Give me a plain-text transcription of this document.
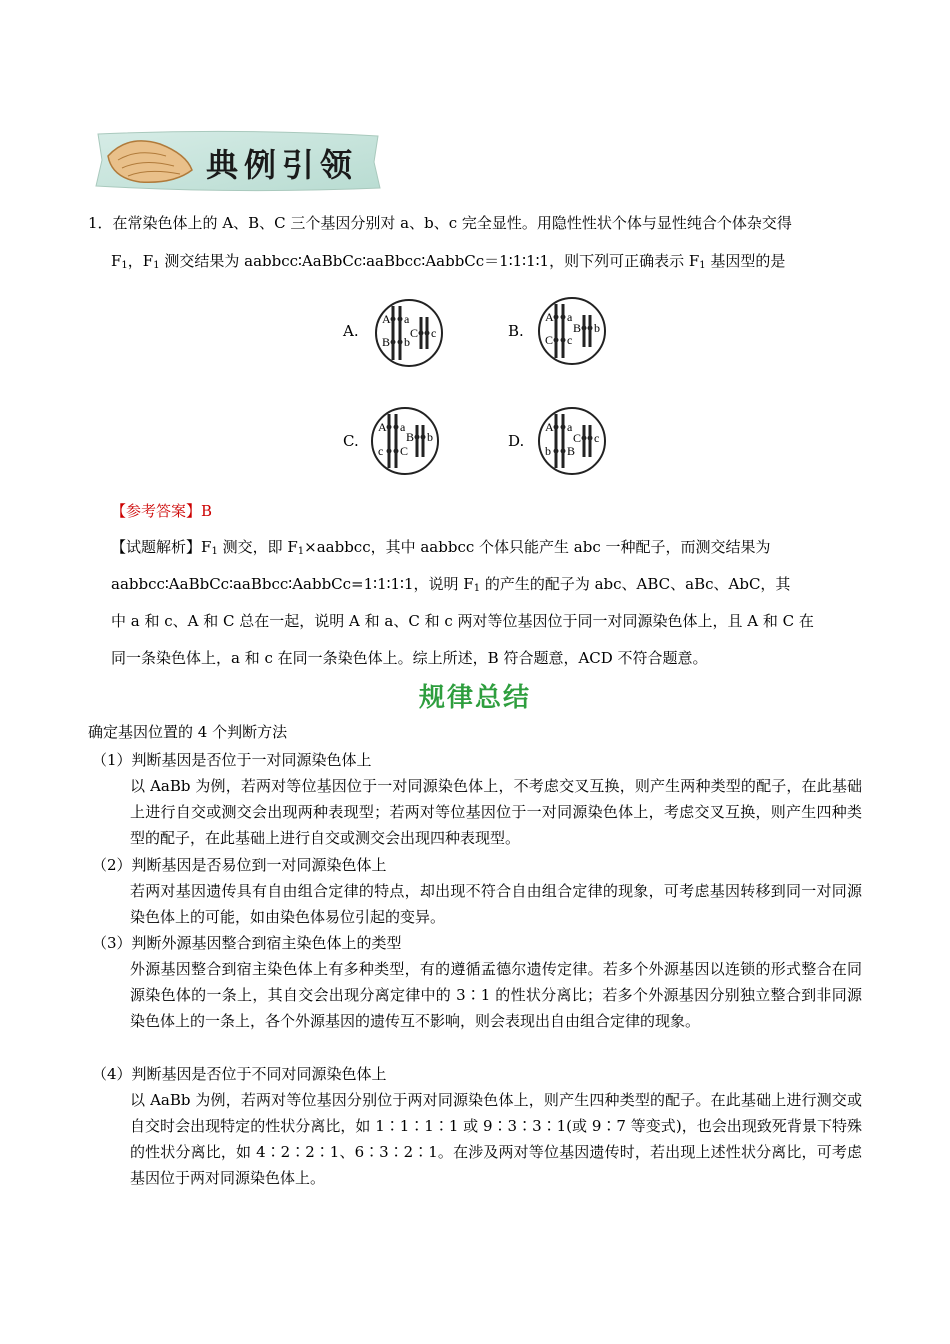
典例引领
1．在常染色体上的 A、B、C 三个基因分别对 a、b、c 完全显性。用隐性性状个体与显性纯合个体杂交得
$F_1$，$F_1$ 测交结果为 aabbcc∶AaBbCc∶aaBbcc∶AabbCc＝1∶1∶1∶1，则下列可正确表示 $F_1$ 基因型的是
A.
A a
B b
C c	B.
A a
C c
B b
C.
A a
c C
B b	D.
A a
b B
C c
【参考答案】B
【试题解析】$F_1$ 测交，即 $F_1\times aabbcc$，其中 aabbcc 个体只能产生 abc 一种配子，而测交结果为
aabbcc∶AaBbCc∶aaBbcc∶AabbCc=1∶1∶1∶1，说明 $F_1$ 的产生的配子为 abc、ABC、aBc、AbC，其
中 a 和 c、A 和 C 总在一起，说明 A 和 a、C 和 c 两对等位基因位于同一对同源染色体上，且 A 和 C 在
同一条染色体上，a 和 c 在同一条染色体上。综上所述，B 符合题意，ACD 不符合题意。
规律总结
确定基因位置的 4 个判断方法
（1）判断基因是否位于一对同源染色体上
以 AaBb 为例，若两对等位基因位于一对同源染色体上，不考虑交叉互换，则产生两种类型的配子，在此基础上进行自交或测交会出现两种表现型；若两对等位基因位于一对同源染色体上，考虑交叉互换，则产生四种类型的配子，在此基础上进行自交或测交会出现四种表现型。
（2）判断基因是否易位到一对同源染色体上
若两对基因遗传具有自由组合定律的特点，却出现不符合自由组合定律的现象，可考虑基因转移到同一对同源染色体上的可能，如由染色体易位引起的变异。
（3）判断外源基因整合到宿主染色体上的类型
外源基因整合到宿主染色体上有多种类型，有的遵循孟德尔遗传定律。若多个外源基因以连锁的形式整合在同源染色体的一条上，其自交会出现分离定律中的 3∶1 的性状分离比；若多个外源基因分别独立整合到非同源染色体上的一条上，各个外源基因的遗传互不影响，则会表现出自由组合定律的现象。
（4）判断基因是否位于不同对同源染色体上
以 AaBb 为例，若两对等位基因分别位于两对同源染色体上，则产生四种类型的配子。在此基础上进行测交或自交时会出现特定的性状分离比，如 1∶1∶1∶1 或 9∶3∶3∶1(或 9∶7 等变式)，也会出现致死背景下特殊的性状分离比，如 4∶2∶2∶1、6∶3∶2∶1。在涉及两对等位基因遗传时，若出现上述性状分离比，可考虑基因位于两对同源染色体上。
